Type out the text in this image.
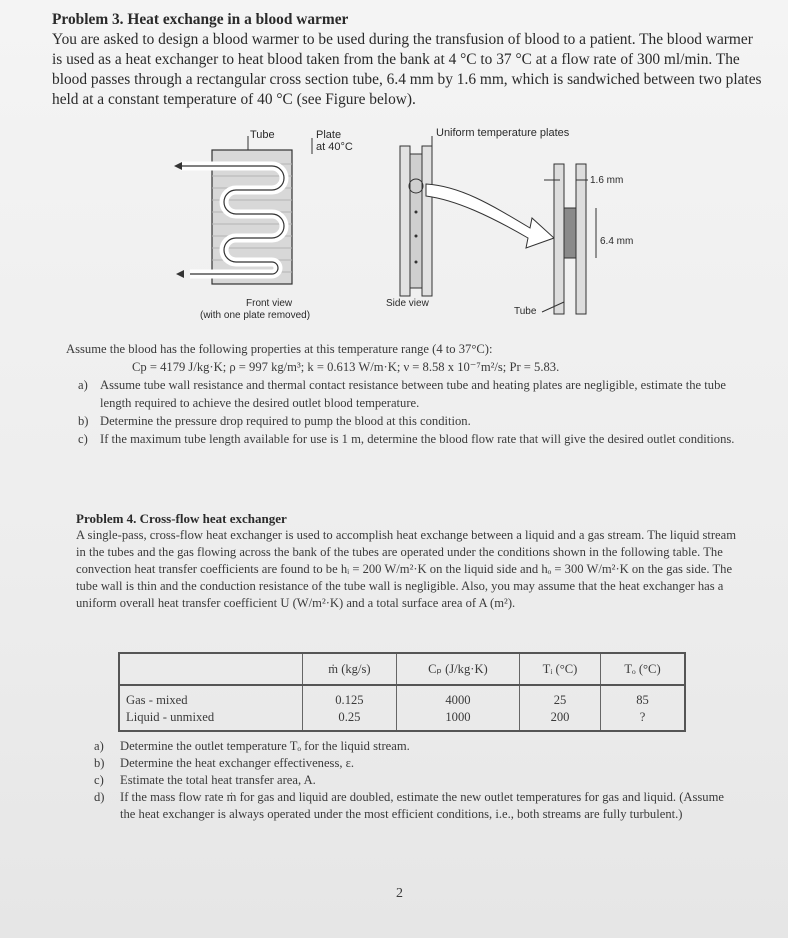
Problem 3. Heat exchange in a blood warmer
You are asked to design a blood warmer to be used during the transfusion of blood to a patient. The blood warmer is used as a heat exchanger to heat blood taken from the bank at 4 °C to 37 °C at a flow rate of 300 ml/min. The blood passes through a rectangular cross section tube, 6.4 mm by 1.6 mm, which is sandwiched between two plates held at a constant temperature of 40 °C (see Figure below).
Tube	Plate
at 40°C
Uniform temperature plates
1.6 mm
6.4 mm
Front view
(with one plate removed)
Side view
Tube
Assume the blood has the following properties at this temperature range (4 to 37°C):
Cp = 4179 J/kg·K; ρ = 997 kg/m³; k = 0.613 W/m·K; ν = 8.58 x 10⁻⁷m²/s; Pr = 5.83.
a) Assume tube wall resistance and thermal contact resistance between tube and heating plates are negligible, estimate the tube length required to achieve the desired outlet blood temperature.
b) Determine the pressure drop required to pump the blood at this condition.
c) If the maximum tube length available for use is 1 m, determine the blood flow rate that will give the desired outlet conditions.
Problem 4. Cross-flow heat exchanger
A single-pass, cross-flow heat exchanger is used to accomplish heat exchange between a liquid and a gas stream. The liquid stream in the tubes and the gas flowing across the bank of the tubes are operated under the conditions shown in the following table. The convection heat transfer coefficients are found to be hᵢ = 200 W/m²·K on the liquid side and hₒ = 300 W/m²·K on the gas side. The tube wall is thin and the conduction resistance of the tube wall is negligible. Also, you may assume that the heat exchanger has a uniform overall heat transfer coefficient U (W/m²·K) and a total surface area of A (m²).
	ṁ (kg/s)	Cₚ (J/kg·K)	Tᵢ (°C)	Tₒ (°C)
Gas - mixed	0.125	4000	25	85
Liquid - unmixed	0.25	1000	200	?
a) Determine the outlet temperature Tₒ for the liquid stream.
b) Determine the heat exchanger effectiveness, ε.
c) Estimate the total heat transfer area, A.
d) If the mass flow rate ṁ for gas and liquid are doubled, estimate the new outlet temperatures for gas and liquid. (Assume the heat exchanger is always operated under the most efficient conditions, i.e., both streams are fully turbulent.)
2
